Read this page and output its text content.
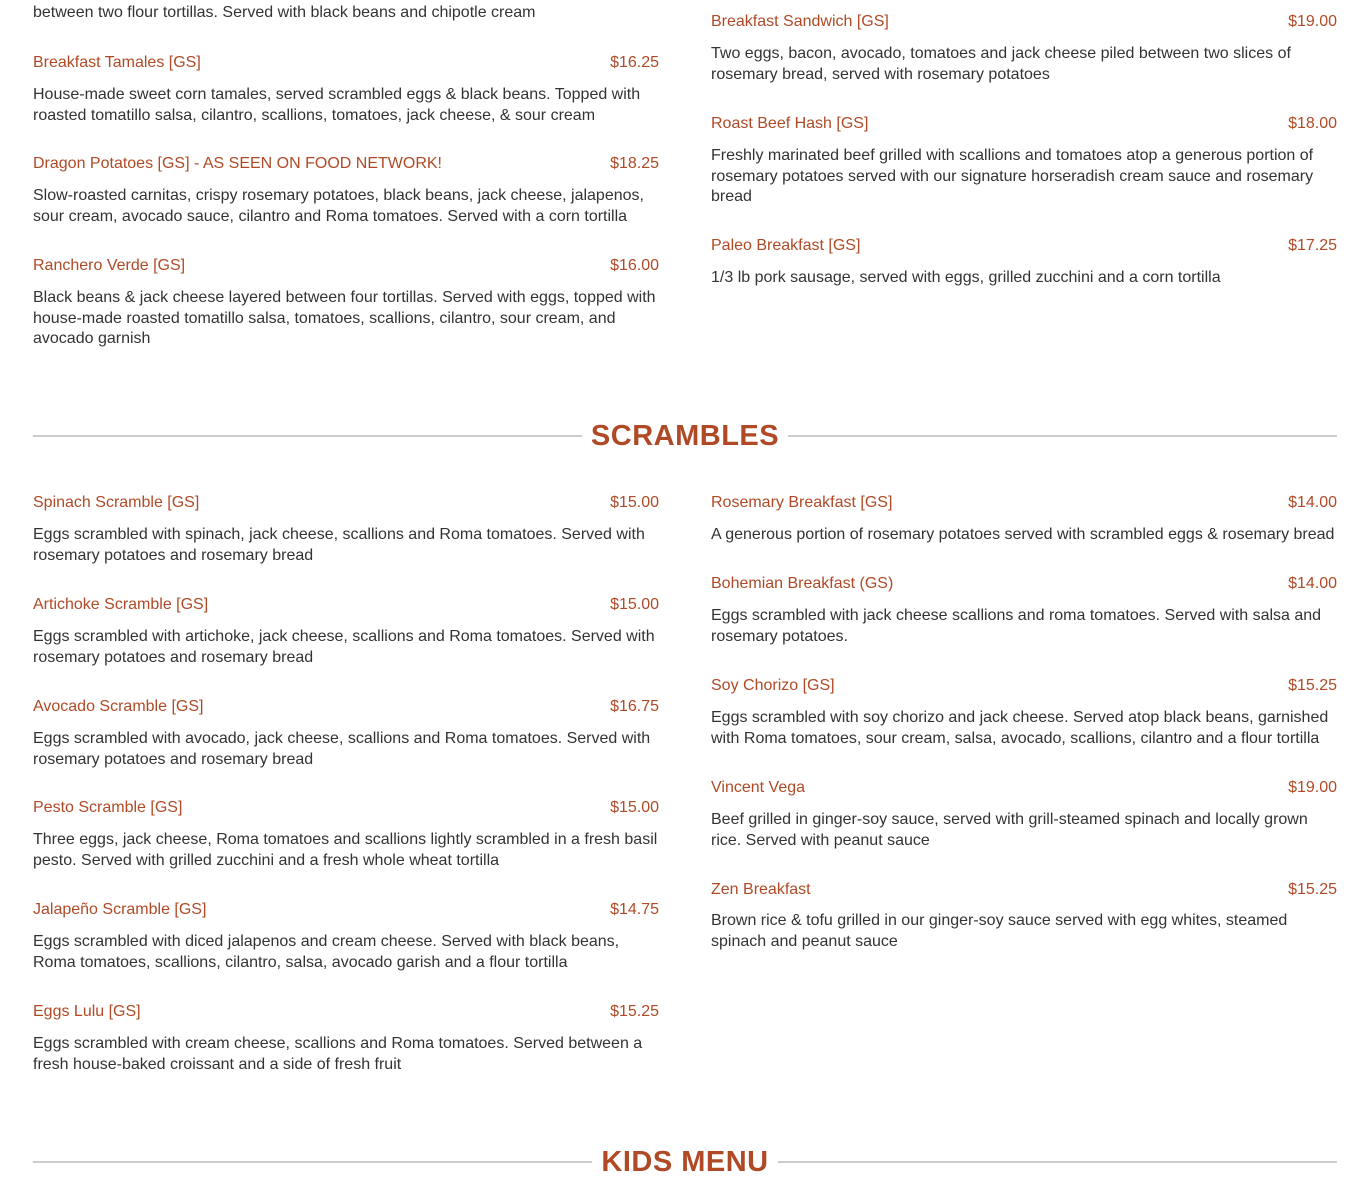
between two flour tortillas. Served with black beans and chipotle cream
Breakfast Tamales [GS]	$16.25
House-made sweet corn tamales, served scrambled eggs & black beans. Topped with roasted tomatillo salsa, cilantro, scallions, tomatoes, jack cheese, & sour cream
Dragon Potatoes [GS] - AS SEEN ON FOOD NETWORK!	$18.25
Slow-roasted carnitas, crispy rosemary potatoes, black beans, jack cheese, jalapenos, sour cream, avocado sauce, cilantro and Roma tomatoes. Served with a corn tortilla
Ranchero Verde [GS]	$16.00
Black beans & jack cheese layered between four tortillas. Served with eggs, topped with house-made roasted tomatillo salsa, tomatoes, scallions, cilantro, sour cream, and avocado garnish
Breakfast Sandwich [GS]	$19.00
Two eggs, bacon, avocado, tomatoes and jack cheese piled between two slices of rosemary bread, served with rosemary potatoes
Roast Beef Hash [GS]	$18.00
Freshly marinated beef grilled with scallions and tomatoes atop a generous portion of rosemary potatoes served with our signature horseradish cream sauce and rosemary bread
Paleo Breakfast [GS]	$17.25
1/3 lb pork sausage, served with eggs, grilled zucchini and a corn tortilla
SCRAMBLES
Spinach Scramble [GS]	$15.00
Eggs scrambled with spinach, jack cheese, scallions and Roma tomatoes. Served with rosemary potatoes and rosemary bread
Artichoke Scramble [GS]	$15.00
Eggs scrambled with artichoke, jack cheese, scallions and Roma tomatoes. Served with rosemary potatoes and rosemary bread
Avocado Scramble [GS]	$16.75
Eggs scrambled with avocado, jack cheese, scallions and Roma tomatoes. Served with rosemary potatoes and rosemary bread
Pesto Scramble [GS]	$15.00
Three eggs, jack cheese, Roma tomatoes and scallions lightly scrambled in a fresh basil pesto. Served with grilled zucchini and a fresh whole wheat tortilla
Jalapeño Scramble [GS]	$14.75
Eggs scrambled with diced jalapenos and cream cheese. Served with black beans, Roma tomatoes, scallions, cilantro, salsa, avocado garish and a flour tortilla
Eggs Lulu [GS]	$15.25
Eggs scrambled with cream cheese, scallions and Roma tomatoes. Served between a fresh house-baked croissant and a side of fresh fruit
Rosemary Breakfast [GS]	$14.00
A generous portion of rosemary potatoes served with scrambled eggs & rosemary bread
Bohemian Breakfast (GS)	$14.00
Eggs scrambled with jack cheese scallions and roma tomatoes. Served with salsa and rosemary potatoes.
Soy Chorizo [GS]	$15.25
Eggs scrambled with soy chorizo and jack cheese. Served atop black beans, garnished with Roma tomatoes, sour cream, salsa, avocado, scallions, cilantro and a flour tortilla
Vincent Vega	$19.00
Beef grilled in ginger-soy sauce, served with grill-steamed spinach and locally grown rice. Served with peanut sauce
Zen Breakfast	$15.25
Brown rice & tofu grilled in our ginger-soy sauce served with egg whites, steamed spinach and peanut sauce
KIDS MENU
